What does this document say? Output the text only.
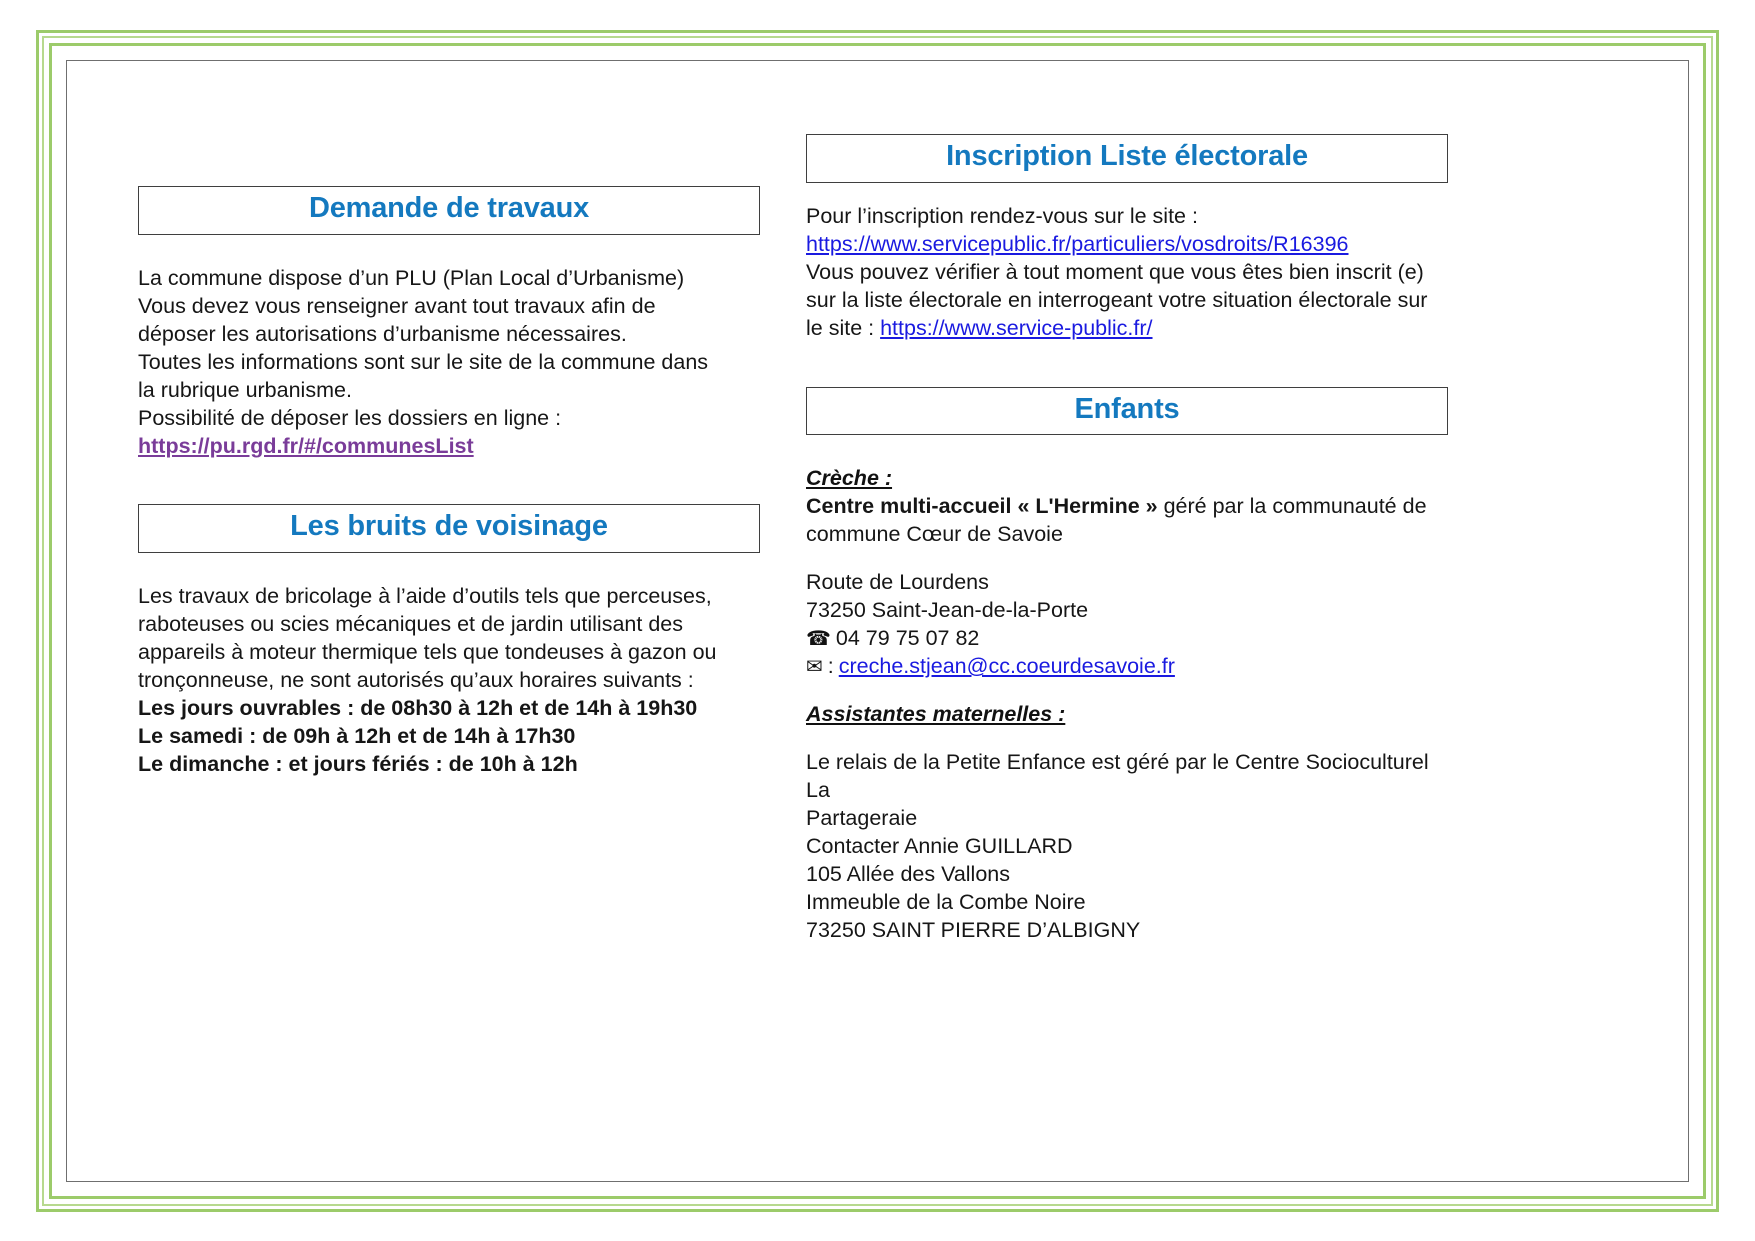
Demande de travaux

La commune dispose d’un PLU (Plan Local d’Urbanisme)

Vous devez vous renseigner avant tout travaux afin de

déposer les autorisations d’urbanisme nécessaires.

Toutes les informations sont sur le site de la commune dans

la rubrique urbanisme.

Possibilité de déposer les dossiers en ligne :

https://pu.rgd.fr/#/communesList

Les bruits de voisinage

Les travaux de bricolage à l’aide d’outils tels que perceuses,

raboteuses ou scies mécaniques et de jardin utilisant des

appareils à moteur thermique tels que tondeuses à gazon ou

tronçonneuse, ne sont autorisés qu’aux horaires suivants :

Les jours ouvrables : de 08h30 à 12h et de 14h à 19h30

Le samedi : de 09h à 12h et de 14h à 17h30

Le dimanche : et jours fériés : de 10h à 12h

Inscription Liste électorale

Pour l’inscription rendez-vous sur le site :

https://www.servicepublic.fr/particuliers/vosdroits/R16396

Vous pouvez vérifier à tout moment que vous êtes bien inscrit (e)

sur la liste électorale en interrogeant votre situation électorale sur

le site : https://www.service-public.fr/

Enfants

Crèche :

Centre multi-accueil « L'Hermine » géré par la communauté de

commune Cœur de Savoie

Route de Lourdens

73250 Saint-Jean-de-la-Porte

☎ 04 79 75 07 82

✉ : creche.stjean@cc.coeurdesavoie.fr

Assistantes maternelles :

Le relais de la Petite Enfance est géré par le Centre Socioculturel La

Partageraie

Contacter Annie GUILLARD

105 Allée des Vallons

Immeuble de la Combe Noire

73250 SAINT PIERRE D’ALBIGNY
